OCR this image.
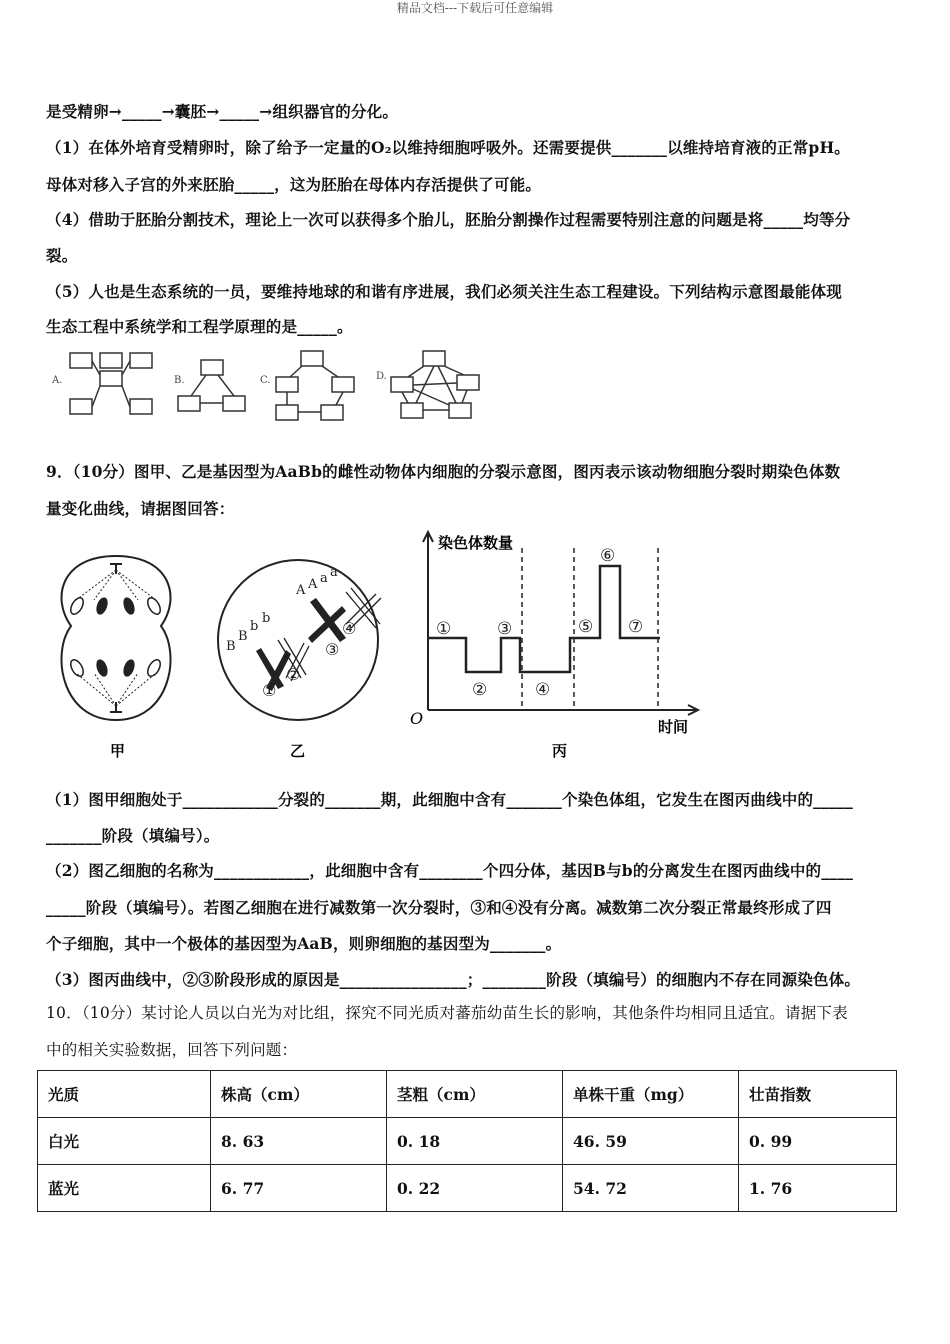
精品文档---下载后可任意编辑
是受精卵→_____→囊胚→_____→组织器官的分化。
（1）在体外培育受精卵时，除了给予一定量的O₂以维持细胞呼吸外。还需要提供_______以维持培育液的正常pH。
母体对移入子宫的外来胚胎_____，这为胚胎在母体内存活提供了可能。
（4）借助于胚胎分割技术，理论上一次可以获得多个胎儿，胚胎分割操作过程需要特别注意的问题是将_____均等分
裂。
（5）人也是生态系统的一员，要维持地球的和谐有序进展，我们必须关注生态工程建设。下列结构示意图最能体现
生态工程中系统学和工程学原理的是_____。
A.	B.	C.	D.
9．（10分）图甲、乙是基因型为AaBb的雌性动物体内细胞的分裂示意图，图丙表示该动物细胞分裂时期染色体数
量变化曲线，请据图回答：
甲
A A a a
B
B
b
b
①
②
③
④
乙
①
②
③
④
⑤
⑥
⑦
染色体数量
时间
O
丙
（1）图甲细胞处于____________分裂的_______期，此细胞中含有_______个染色体组，它发生在图丙曲线中的_____
_______阶段（填编号）。
（2）图乙细胞的名称为____________，此细胞中含有________个四分体，基因B与b的分离发生在图丙曲线中的____
_____阶段（填编号）。若图乙细胞在进行减数第一次分裂时，③和④没有分离。减数第二次分裂正常最终形成了四
个子细胞，其中一个极体的基因型为AaB，则卵细胞的基因型为_______。
（3）图丙曲线中，②③阶段形成的原因是________________；________阶段（填编号）的细胞内不存在同源染色体。
10．（10分）某讨论人员以白光为对比组，探究不同光质对蕃茄幼苗生长的影响，其他条件均相同且适宜。请据下表
中的相关实验数据，回答下列问题：
光质	株高（cm）	茎粗（cm）	单株干重（mg）	壮苗指数
白光	8. 63	0. 18	46. 59	0. 99
蓝光	6. 77	0. 22	54. 72	1. 76
